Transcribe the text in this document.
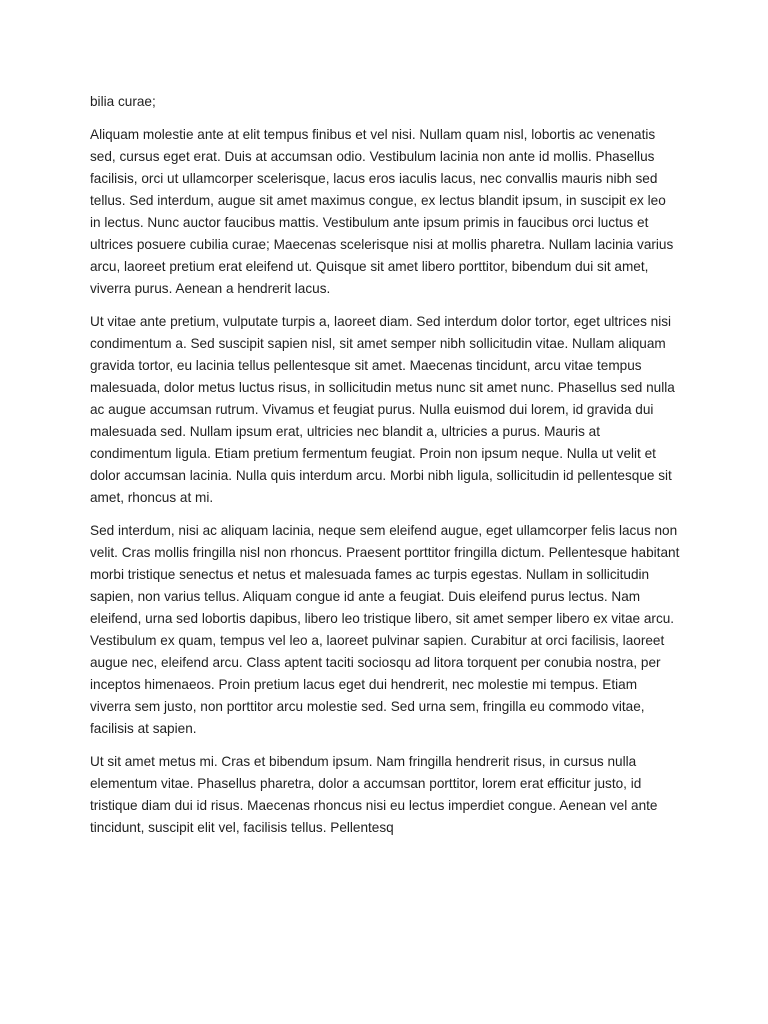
bilia curae;

Aliquam molestie ante at elit tempus finibus et vel nisi. Nullam quam nisl, lobortis ac venenatis sed, cursus eget erat. Duis at accumsan odio. Vestibulum lacinia non ante id mollis. Phasellus facilisis, orci ut ullamcorper scelerisque, lacus eros iaculis lacus, nec convallis mauris nibh sed tellus. Sed interdum, augue sit amet maximus congue, ex lectus blandit ipsum, in suscipit ex leo in lectus. Nunc auctor faucibus mattis. Vestibulum ante ipsum primis in faucibus orci luctus et ultrices posuere cubilia curae; Maecenas scelerisque nisi at mollis pharetra. Nullam lacinia varius arcu, laoreet pretium erat eleifend ut. Quisque sit amet libero porttitor, bibendum dui sit amet, viverra purus. Aenean a hendrerit lacus.

Ut vitae ante pretium, vulputate turpis a, laoreet diam. Sed interdum dolor tortor, eget ultrices nisi condimentum a. Sed suscipit sapien nisl, sit amet semper nibh sollicitudin vitae. Nullam aliquam gravida tortor, eu lacinia tellus pellentesque sit amet. Maecenas tincidunt, arcu vitae tempus malesuada, dolor metus luctus risus, in sollicitudin metus nunc sit amet nunc. Phasellus sed nulla ac augue accumsan rutrum. Vivamus et feugiat purus. Nulla euismod dui lorem, id gravida dui malesuada sed. Nullam ipsum erat, ultricies nec blandit a, ultricies a purus. Mauris at condimentum ligula. Etiam pretium fermentum feugiat. Proin non ipsum neque. Nulla ut velit et dolor accumsan lacinia. Nulla quis interdum arcu. Morbi nibh ligula, sollicitudin id pellentesque sit amet, rhoncus at mi.

Sed interdum, nisi ac aliquam lacinia, neque sem eleifend augue, eget ullamcorper felis lacus non velit. Cras mollis fringilla nisl non rhoncus. Praesent porttitor fringilla dictum. Pellentesque habitant morbi tristique senectus et netus et malesuada fames ac turpis egestas. Nullam in sollicitudin sapien, non varius tellus. Aliquam congue id ante a feugiat. Duis eleifend purus lectus. Nam eleifend, urna sed lobortis dapibus, libero leo tristique libero, sit amet semper libero ex vitae arcu. Vestibulum ex quam, tempus vel leo a, laoreet pulvinar sapien. Curabitur at orci facilisis, laoreet augue nec, eleifend arcu. Class aptent taciti sociosqu ad litora torquent per conubia nostra, per inceptos himenaeos. Proin pretium lacus eget dui hendrerit, nec molestie mi tempus. Etiam viverra sem justo, non porttitor arcu molestie sed. Sed urna sem, fringilla eu commodo vitae, facilisis at sapien.

Ut sit amet metus mi. Cras et bibendum ipsum. Nam fringilla hendrerit risus, in cursus nulla elementum vitae. Phasellus pharetra, dolor a accumsan porttitor, lorem erat efficitur justo, id tristique diam dui id risus. Maecenas rhoncus nisi eu lectus imperdiet congue. Aenean vel ante tincidunt, suscipit elit vel, facilisis tellus. Pellentesq
